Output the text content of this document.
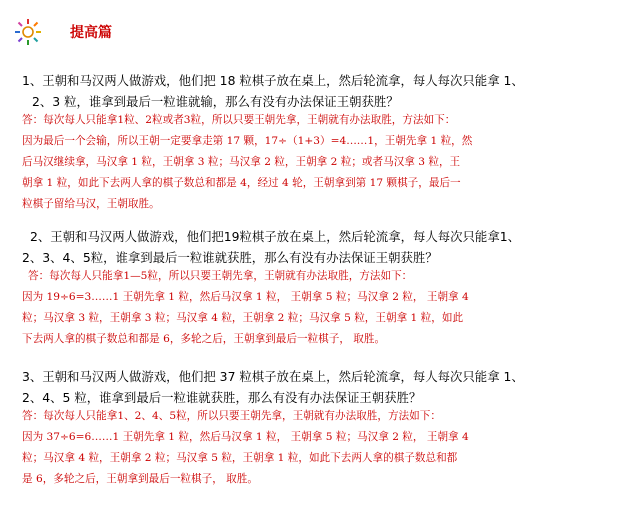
提高篇
1、王朝和马汉两人做游戏，他们把 18 粒棋子放在桌上，然后轮流拿，每人每次只能拿 1、
2、3 粒，谁拿到最后一粒谁就输，那么有没有办法保证王朝获胜？
答：每次每人只能拿1粒、2粒或者3粒，所以只要王朝先拿，王朝就有办法取胜，方法如下：
因为最后一个会输，所以王朝一定要拿走第 17 颗，17÷（1+3）=4……1，王朝先拿 1 粒，然
后马汉继续拿，马汉拿 1 粒，王朝拿 3 粒；马汉拿 2 粒，王朝拿 2 粒；或者马汉拿 3 粒，王
朝拿 1 粒，如此下去两人拿的棋子数总和都是 4，经过 4 轮，王朝拿到第 17 颗棋子，最后一
粒棋子留给马汉，王朝取胜。
2、王朝和马汉两人做游戏，他们把19粒棋子放在桌上，然后轮流拿，每人每次只能拿1、
2、3、4、5粒，谁拿到最后一粒谁就获胜，那么有没有办法保证王朝获胜？
答：每次每人只能拿1—5粒，所以只要王朝先拿，王朝就有办法取胜，方法如下：
因为 19÷6=3……1 王朝先拿 1 粒，然后马汉拿 1 粒， 王朝拿 5 粒；马汉拿 2 粒， 王朝拿 4
粒；马汉拿 3 粒，王朝拿 3 粒；马汉拿 4 粒，王朝拿 2 粒；马汉拿 5 粒，王朝拿 1 粒，如此
下去两人拿的棋子数总和都是 6，多轮之后，王朝拿到最后一粒棋子， 取胜。
3、王朝和马汉两人做游戏，他们把 37 粒棋子放在桌上，然后轮流拿，每人每次只能拿 1、
2、4、5 粒，谁拿到最后一粒谁就获胜，那么有没有办法保证王朝获胜？
答：每次每人只能拿1、2、4、5粒，所以只要王朝先拿，王朝就有办法取胜，方法如下：
因为 37÷6=6……1 王朝先拿 1 粒，然后马汉拿 1 粒， 王朝拿 5 粒；马汉拿 2 粒， 王朝拿 4
粒；马汉拿 4 粒，王朝拿 2 粒；马汉拿 5 粒，王朝拿 1 粒，如此下去两人拿的棋子数总和都
是 6，多轮之后，王朝拿到最后一粒棋子， 取胜。
